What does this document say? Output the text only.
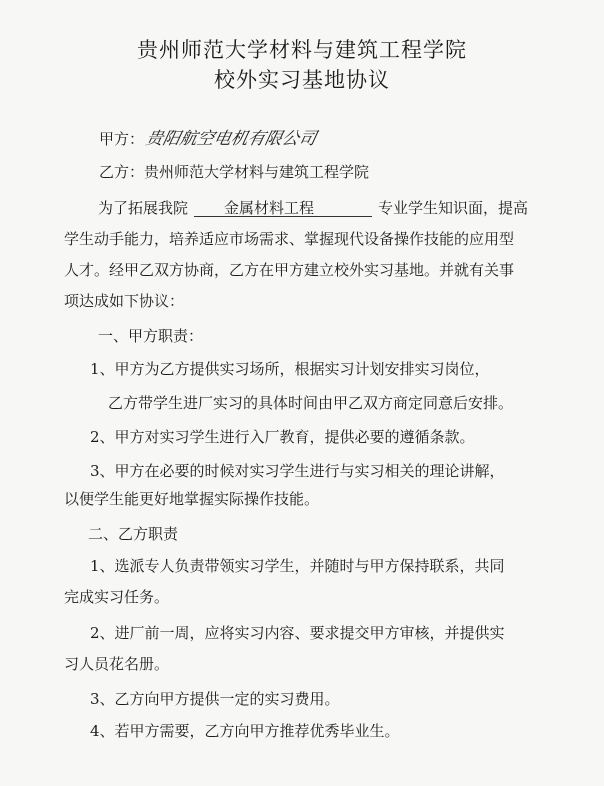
贵州师范大学材料与建筑工程学院
校外实习基地协议
甲方：贵阳航空电机有限公司
乙方：贵州师范大学材料与建筑工程学院
为了拓展我院 金属材料工程	专业学生知识面，提高
学生动手能力，培养适应市场需求、掌握现代设备操作技能的应用型
人才。经甲乙双方协商，乙方在甲方建立校外实习基地。并就有关事
项达成如下协议：
一、甲方职责：
1、甲方为乙方提供实习场所，根据实习计划安排实习岗位，
乙方带学生进厂实习的具体时间由甲乙双方商定同意后安排。
2、甲方对实习学生进行入厂教育，提供必要的遵循条款。
3、甲方在必要的时候对实习学生进行与实习相关的理论讲解，
以便学生能更好地掌握实际操作技能。
二、乙方职责
1、选派专人负责带领实习学生，并随时与甲方保持联系，共同
完成实习任务。
2、进厂前一周，应将实习内容、要求提交甲方审核，并提供实
习人员花名册。
3、乙方向甲方提供一定的实习费用。
4、若甲方需要，乙方向甲方推荐优秀毕业生。
